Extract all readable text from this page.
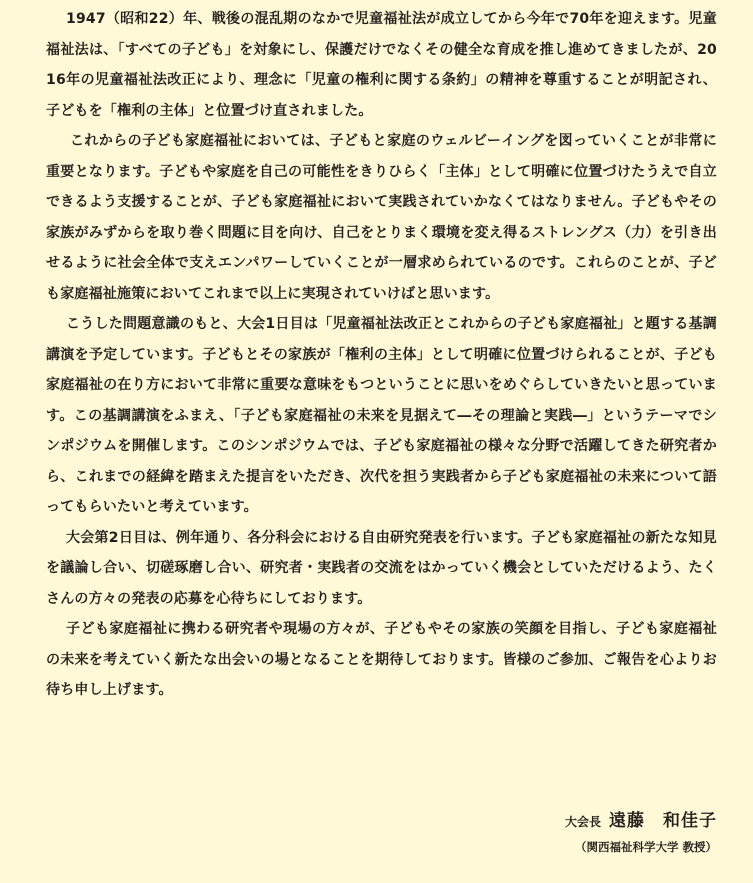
1947（昭和22）年、戦後の混乱期のなかで児童福祉法が成立してから今年で70年を迎えます。児童福祉法は、「すべての子ども」を対象にし、保護だけでなくその健全な育成を推し進めてきましたが、2016年の児童福祉法改正により、理念に「児童の権利に関する条約」の精神を尊重することが明記され、子どもを「権利の主体」と位置づけ直されました。

これからの子ども家庭福祉においては、子どもと家庭のウェルビーイングを図っていくことが非常に重要となります。子どもや家庭を自己の可能性をきりひらく「主体」として明確に位置づけたうえで自立できるよう支援することが、子ども家庭福祉において実践されていかなくてはなりません。子どもやその家族がみずからを取り巻く問題に目を向け、自己をとりまく環境を変え得るストレングス（力）を引き出せるように社会全体で支えエンパワーしていくことが一層求められているのです。これらのことが、子ども家庭福祉施策においてこれまで以上に実現されていけばと思います。

こうした問題意識のもと、大会1日目は「児童福祉法改正とこれからの子ども家庭福祉」と題する基調講演を予定しています。子どもとその家族が「権利の主体」として明確に位置づけられることが、子ども家庭福祉の在り方において非常に重要な意味をもつということに思いをめぐらしていきたいと思っています。この基調講演をふまえ、「子ども家庭福祉の未来を見据えて―その理論と実践―」というテーマでシンポジウムを開催します。このシンポジウムでは、子ども家庭福祉の様々な分野で活躍してきた研究者から、これまでの経緯を踏まえた提言をいただき、次代を担う実践者から子ども家庭福祉の未来について語ってもらいたいと考えています。

大会第2日目は、例年通り、各分科会における自由研究発表を行います。子ども家庭福祉の新たな知見を議論し合い、切磋琢磨し合い、研究者・実践者の交流をはかっていく機会としていただけるよう、たくさんの方々の発表の応募を心待ちにしております。

子ども家庭福祉に携わる研究者や現場の方々が、子どもやその家族の笑顔を目指し、子ども家庭福祉の未来を考えていく新たな出会いの場となることを期待しております。皆様のご参加、ご報告を心よりお待ち申し上げます。

大会長 遠藤　和佳子
（関西福祉科学大学 教授）
